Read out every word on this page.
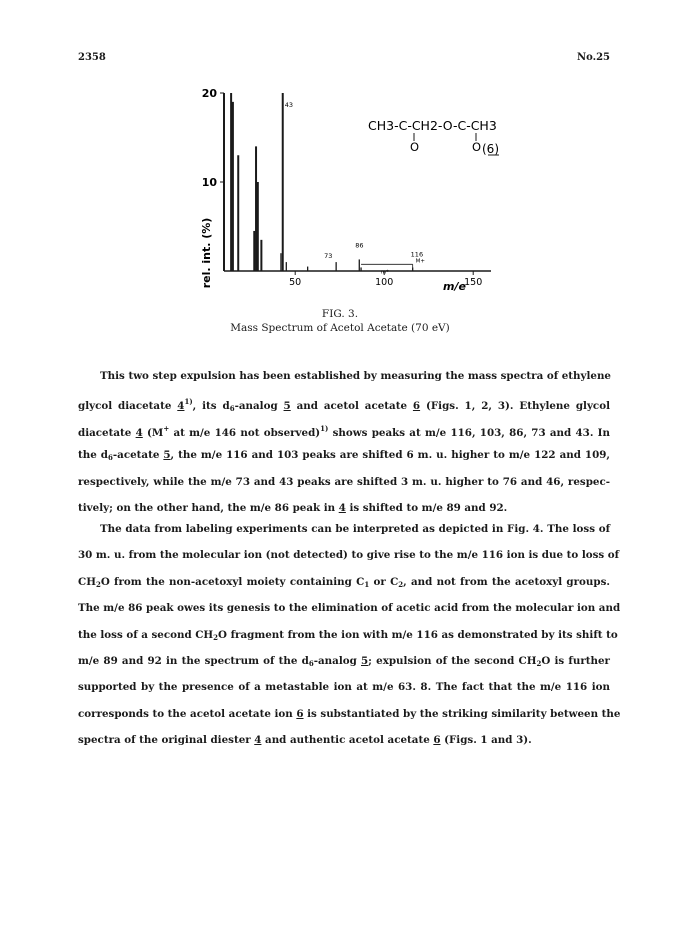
2358	No.25
20
10
50	100	150
43
73
86
116
m*
M+
rel. int. (%)	m/e
CH3-C-CH2-O-C-CH3
O	O (6)
FIG. 3.
Mass Spectrum of Acetol Acetate (70 eV)
This two step expulsion has been established by measuring the mass spectra of ethylene
glycol diacetate 4$^{1)}$, its $d_6$-analog 5 and acetol acetate 6 (Figs. 1, 2, 3). Ethylene glycol
diacetate 4 (M+ at m/e 146 not observed)$^{1)}$ shows peaks at m/e 116, 103, 86, 73 and 43. In
the $d_6$-acetate 5, the m/e 116 and 103 peaks are shifted 6 m. u. higher to m/e 122 and 109,
respectively, while the m/e 73 and 43 peaks are shifted 3 m. u. higher to 76 and 46, respec-
tively; on the other hand, the m/e 86 peak in 4 is shifted to m/e 89 and 92.
The data from labeling experiments can be interpreted as depicted in Fig. 4. The loss of
30 m. u. from the molecular ion (not detected) to give rise to the m/e 116 ion is due to loss of
$CH_2O$ from the non-acetoxyl moiety containing $C_1$ or $C_2$, and not from the acetoxyl groups.
The m/e 86 peak owes its genesis to the elimination of acetic acid from the molecular ion and
the loss of a second $CH_2O$ fragment from the ion with m/e 116 as demonstrated by its shift to
m/e 89 and 92 in the spectrum of the $d_6$-analog 5; expulsion of the second $CH_2O$ is further
supported by the presence of a metastable ion at m/e 63. 8. The fact that the m/e 116 ion
corresponds to the acetol acetate ion 6 is substantiated by the striking similarity between the
spectra of the original diester 4 and authentic acetol acetate 6 (Figs. 1 and 3).
